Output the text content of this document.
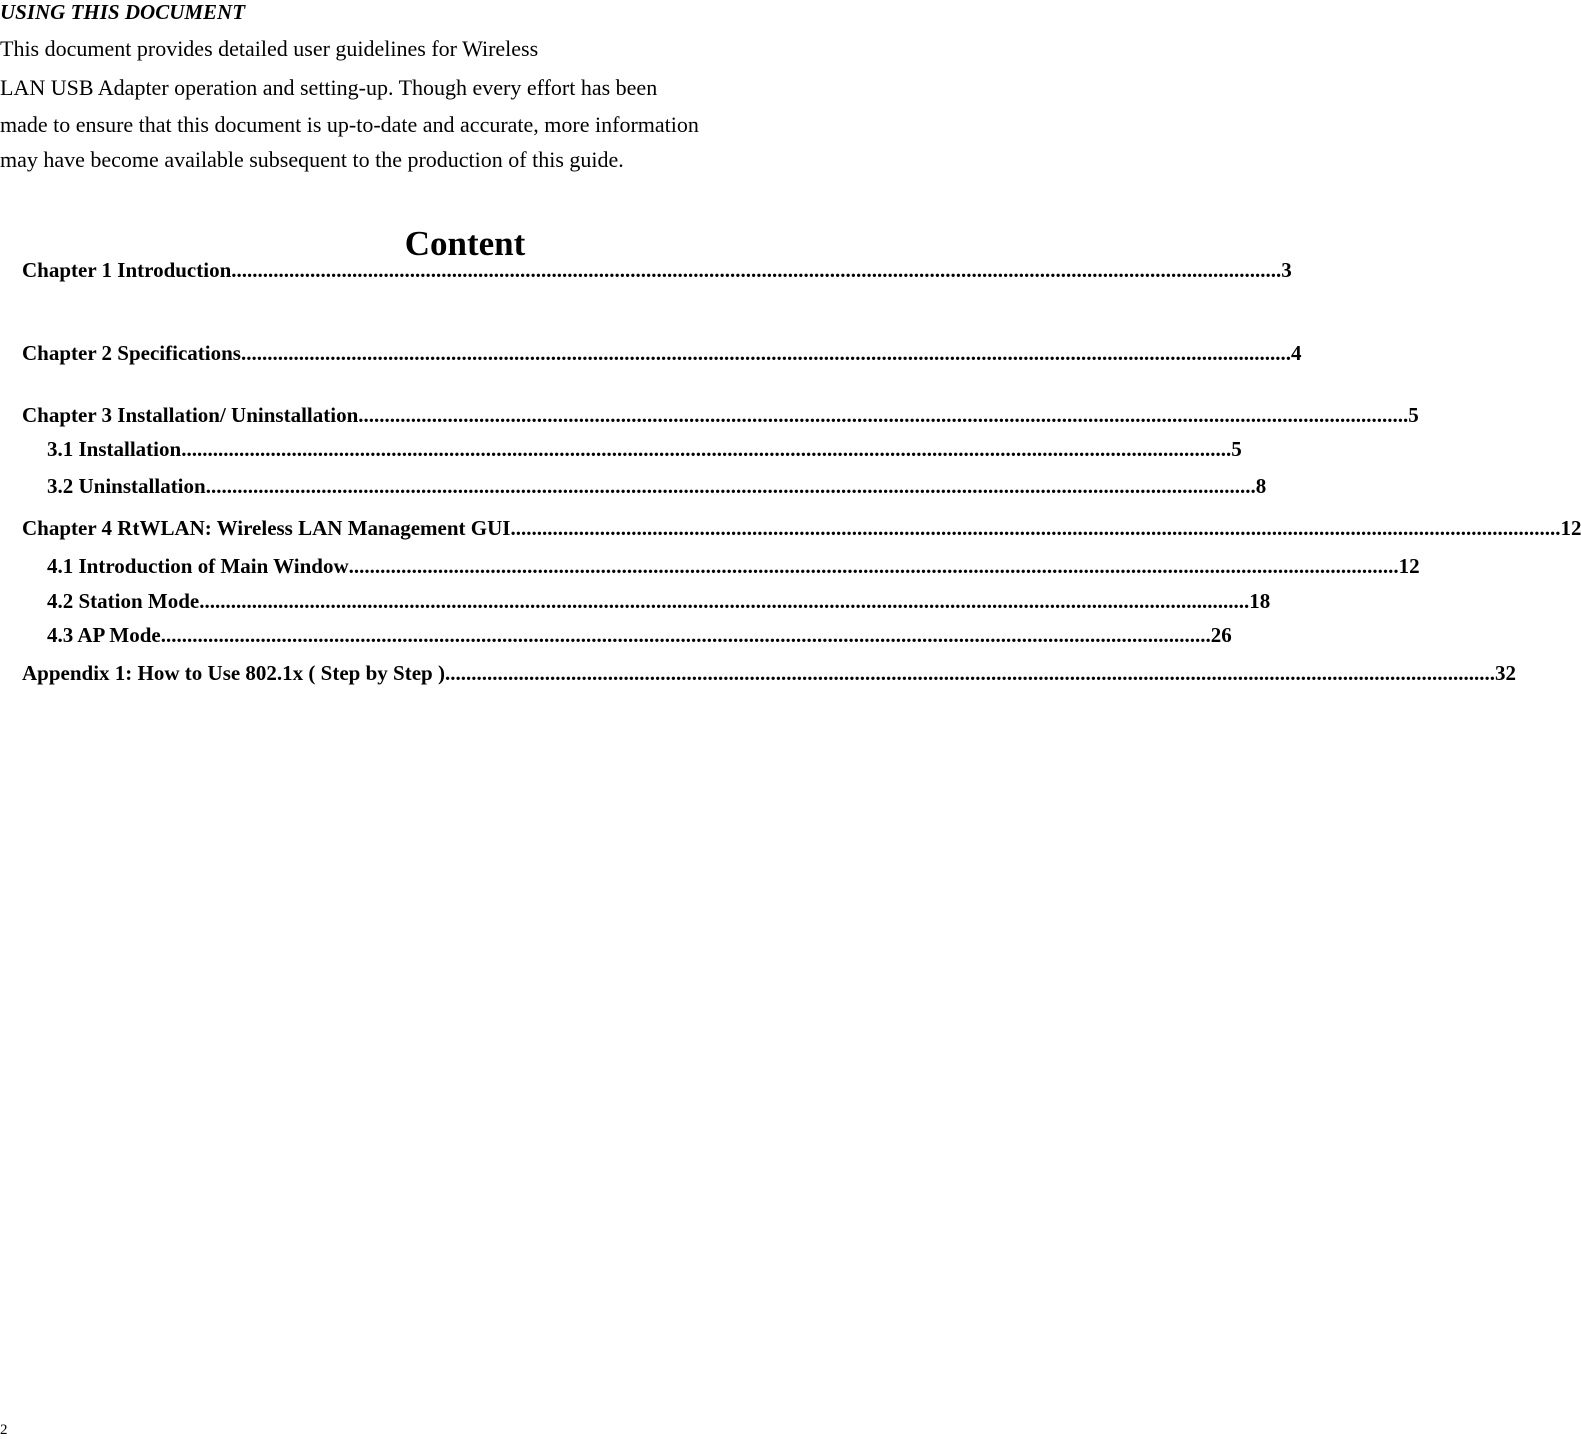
USING THIS DOCUMENT
This document provides detailed user guidelines for Wireless
LAN USB Adapter operation and setting-up. Though every effort has been
made to ensure that this document is up-to-date and accurate, more information
may have become available subsequent to the production of this guide.
Content
Chapter 1 Introduction ........................................................................................................................................................................................................ 3
Chapter 2 Specifications ........................................................................................................................................................................................................ 4
Chapter 3 Installation/ Uninstallation ........................................................................................................................................................................................................ 5
3.1 Installation ........................................................................................................................................................................................................ 5
3.2 Uninstallation ........................................................................................................................................................................................................ 8
Chapter 4 RtWLAN: Wireless LAN Management GUI ........................................................................................................................................................................................................ 12
4.1 Introduction of Main Window ........................................................................................................................................................................................................ 12
4.2 Station Mode ........................................................................................................................................................................................................ 18
4.3 AP Mode ........................................................................................................................................................................................................ 26
Appendix 1: How to Use 802.1x ( Step by Step ) ........................................................................................................................................................................................................ 32
2
